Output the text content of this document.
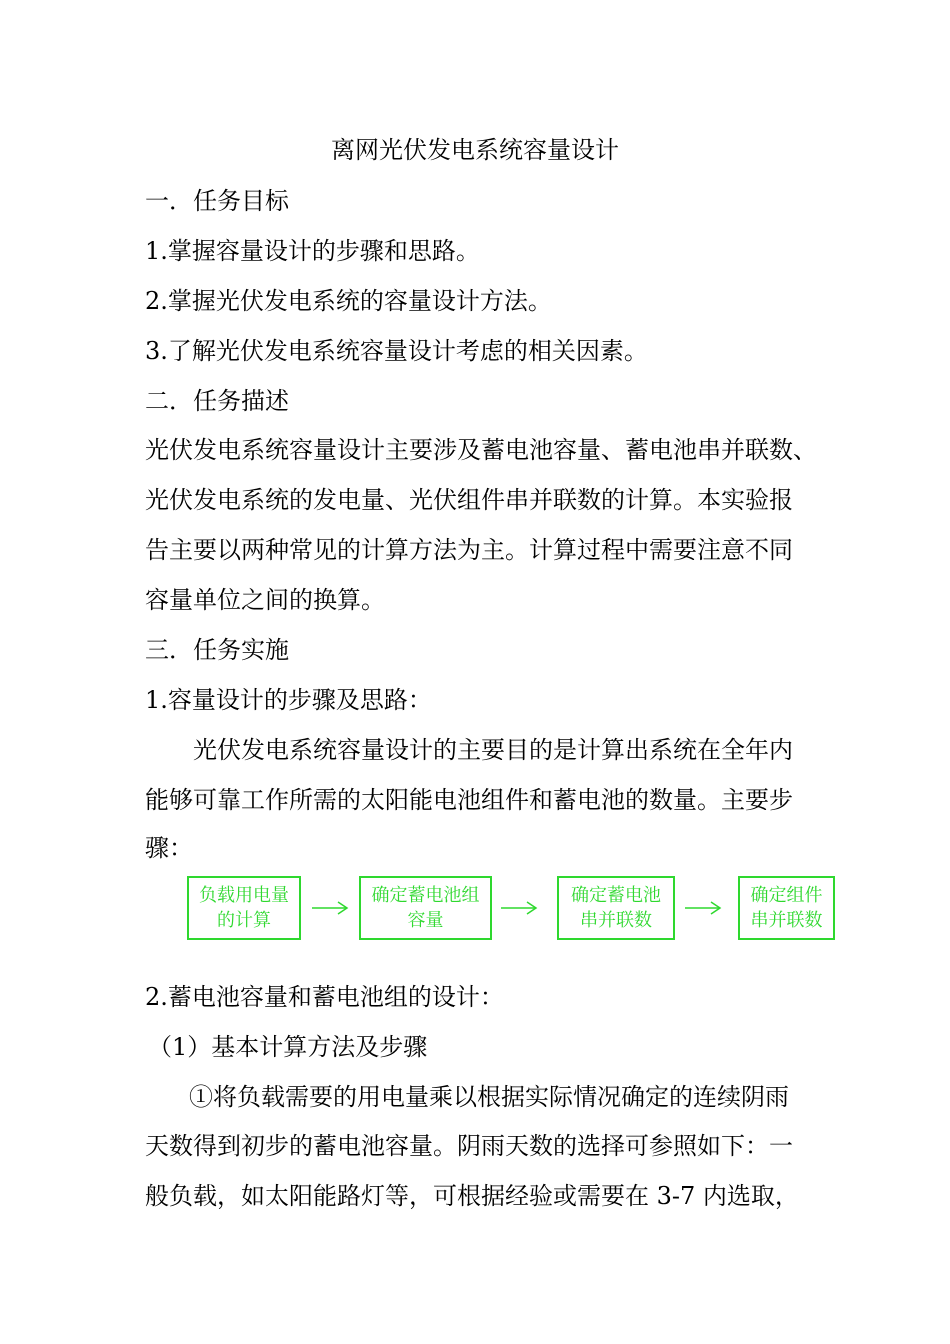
离网光伏发电系统容量设计
一．任务目标
1.掌握容量设计的步骤和思路。
2.掌握光伏发电系统的容量设计方法。
3.了解光伏发电系统容量设计考虑的相关因素。
二．任务描述
光伏发电系统容量设计主要涉及蓄电池容量、蓄电池串并联数、
光伏发电系统的发电量、光伏组件串并联数的计算。本实验报
告主要以两种常见的计算方法为主。计算过程中需要注意不同
容量单位之间的换算。
三．任务实施
1.容量设计的步骤及思路：
光伏发电系统容量设计的主要目的是计算出系统在全年内
能够可靠工作所需的太阳能电池组件和蓄电池的数量。主要步
骤：
负载用电量
的计算
确定蓄电池组
容量
确定蓄电池
串并联数
确定组件
串并联数
2.蓄电池容量和蓄电池组的设计：
（1）基本计算方法及步骤
①将负载需要的用电量乘以根据实际情况确定的连续阴雨
天数得到初步的蓄电池容量。阴雨天数的选择可参照如下：一
般负载，如太阳能路灯等，可根据经验或需要在 3-7 内选取，
